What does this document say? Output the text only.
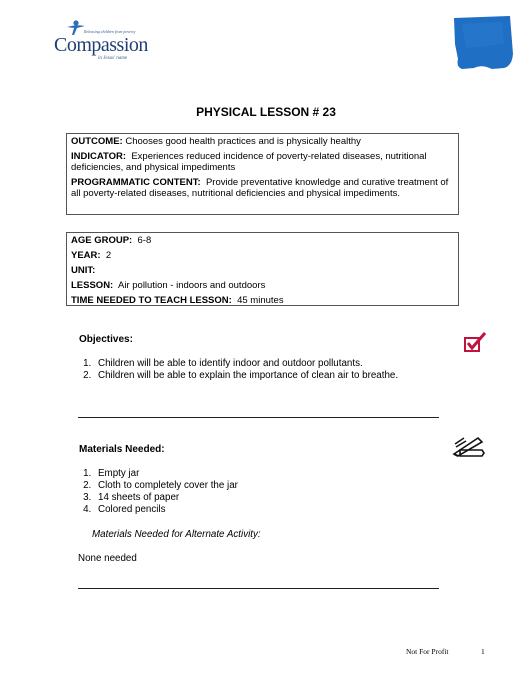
Releasing children from poverty
Compassion
in Jesus' name
PHYSICAL LESSON # 23

OUTCOME: Chooses good health practices and is physically healthy

INDICATOR: Experiences reduced incidence of poverty-related diseases, nutritional deficiencies, and physical impediments

PROGRAMMATIC CONTENT: Provide preventative knowledge and curative treatment of all poverty-related diseases, nutritional deficiencies and physical impediments.

AGE GROUP: 6-8

YEAR: 2

UNIT:

LESSON: Air pollution - indoors and outdoors

TIME NEEDED TO TEACH LESSON: 45 minutes

Objectives:
1. Children will be able to identify indoor and outdoor pollutants.
2. Children will be able to explain the importance of clean air to breathe.
Materials Needed:
1. Empty jar
2. Cloth to completely cover the jar
3. 14 sheets of paper
4. Colored pencils
Materials Needed for Alternate Activity:
None needed
Not For Profit	1
